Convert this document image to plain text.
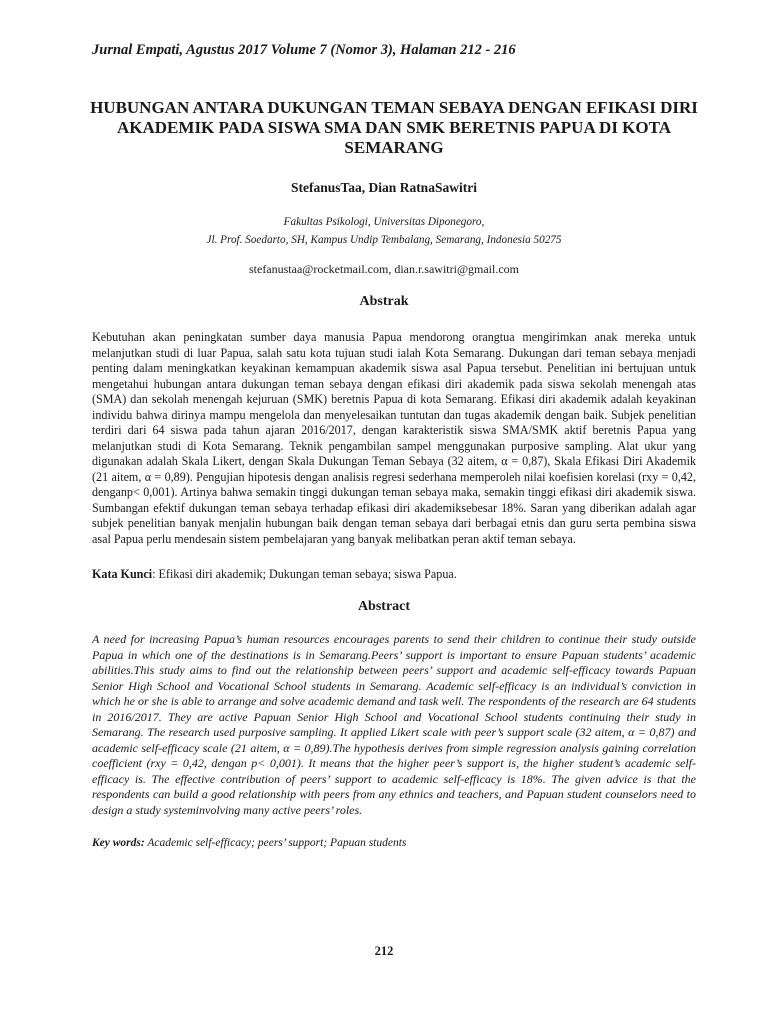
Jurnal Empati, Agustus 2017 Volume 7 (Nomor 3), Halaman 212 - 216
HUBUNGAN ANTARA DUKUNGAN TEMAN SEBAYA DENGAN EFIKASI DIRI AKADEMIK PADA SISWA SMA DAN SMK BERETNIS PAPUA DI KOTA SEMARANG
StefanusTaa, Dian RatnaSawitri
Fakultas Psikologi, Universitas Diponegoro,
Jl. Prof. Soedarto, SH, Kampus Undip Tembalang, Semarang, Indonesia 50275
stefanustaa@rocketmail.com, dian.r.sawitri@gmail.com
Abstrak
Kebutuhan akan peningkatan sumber daya manusia Papua mendorong orangtua mengirimkan anak mereka untuk melanjutkan studi di luar Papua, salah satu kota tujuan studi ialah Kota Semarang. Dukungan dari teman sebaya menjadi penting dalam meningkatkan keyakinan kemampuan akademik siswa asal Papua tersebut. Penelitian ini bertujuan untuk mengetahui hubungan antara dukungan teman sebaya dengan efikasi diri akademik pada siswa sekolah menengah atas (SMA) dan sekolah menengah kejuruan (SMK) beretnis Papua di kota Semarang. Efikasi diri akademik adalah keyakinan individu bahwa dirinya mampu mengelola dan menyelesaikan tuntutan dan tugas akademik dengan baik. Subjek penelitian terdiri dari 64 siswa pada tahun ajaran 2016/2017, dengan karakteristik siswa SMA/SMK aktif beretnis Papua yang melanjutkan studi di Kota Semarang. Teknik pengambilan sampel menggunakan purposive sampling. Alat ukur yang digunakan adalah Skala Likert, dengan Skala Dukungan Teman Sebaya (32 aitem, α = 0,87), Skala Efikasi Diri Akademik (21 aitem, α = 0,89). Pengujian hipotesis dengan analisis regresi sederhana memperoleh nilai koefisien korelasi (rxy = 0,42, denganp< 0,001). Artinya bahwa semakin tinggi dukungan teman sebaya maka, semakin tinggi efikasi diri akademik siswa. Sumbangan efektif dukungan teman sebaya terhadap efikasi diri akademiksebesar 18%. Saran yang diberikan adalah agar subjek penelitian banyak menjalin hubungan baik dengan teman sebaya dari berbagai etnis dan guru serta pembina siswa asal Papua perlu mendesain sistem pembelajaran yang banyak melibatkan peran aktif teman sebaya.
Kata Kunci: Efikasi diri akademik; Dukungan teman sebaya; siswa Papua.
Abstract
A need for increasing Papua’s human resources encourages parents to send their children to continue their study outside Papua in which one of the destinations is in Semarang.Peers’ support is important to ensure Papuan students’ academic abilities.This study aims to find out the relationship between peers’ support and academic self-efficacy towards Papuan Senior High School and Vocational School students in Semarang. Academic self-efficacy is an individual’s conviction in which he or she is able to arrange and solve academic demand and task well. The respondents of the research are 64 students in 2016/2017. They are active Papuan Senior High School and Vocational School students continuing their study in Semarang. The research used purposive sampling. It applied Likert scale with peer’s support scale (32 aitem, α = 0,87) and academic self-efficacy scale (21 aitem, α = 0,89).The hypothesis derives from simple regression analysis gaining correlation coefficient (rxy = 0,42, dengan p< 0,001). It means that the higher peer’s support is, the higher student’s academic self-efficacy is. The effective contribution of peers’ support to academic self-efficacy is 18%. The given advice is that the respondents can build a good relationship with peers from any ethnics and teachers, and Papuan student counselors need to design a study systeminvolving many active peers’ roles.
Key words: Academic self-efficacy; peers’ support; Papuan students
212
